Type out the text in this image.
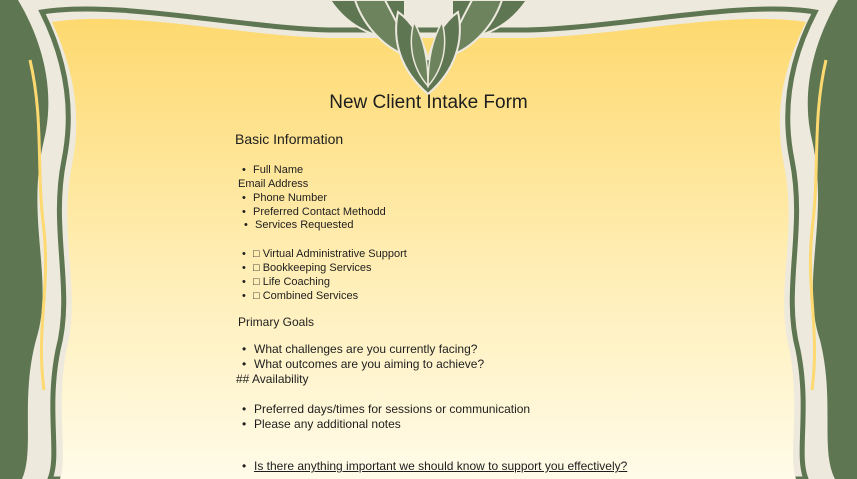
New Client Intake Form
Basic Information
• Full Name
Email Address
• Phone Number
• Preferred Contact Methodd
• Services Requested
• □ Virtual Administrative Support
• □ Bookkeeping Services
• □ Life Coaching
• □ Combined Services
Primary Goals
• What challenges are you currently facing?
• What outcomes are you aiming to achieve?
## Availability
• Preferred days/times for sessions or communication
• Please any additional notes
• Is there anything important we should know to support you effectively?
